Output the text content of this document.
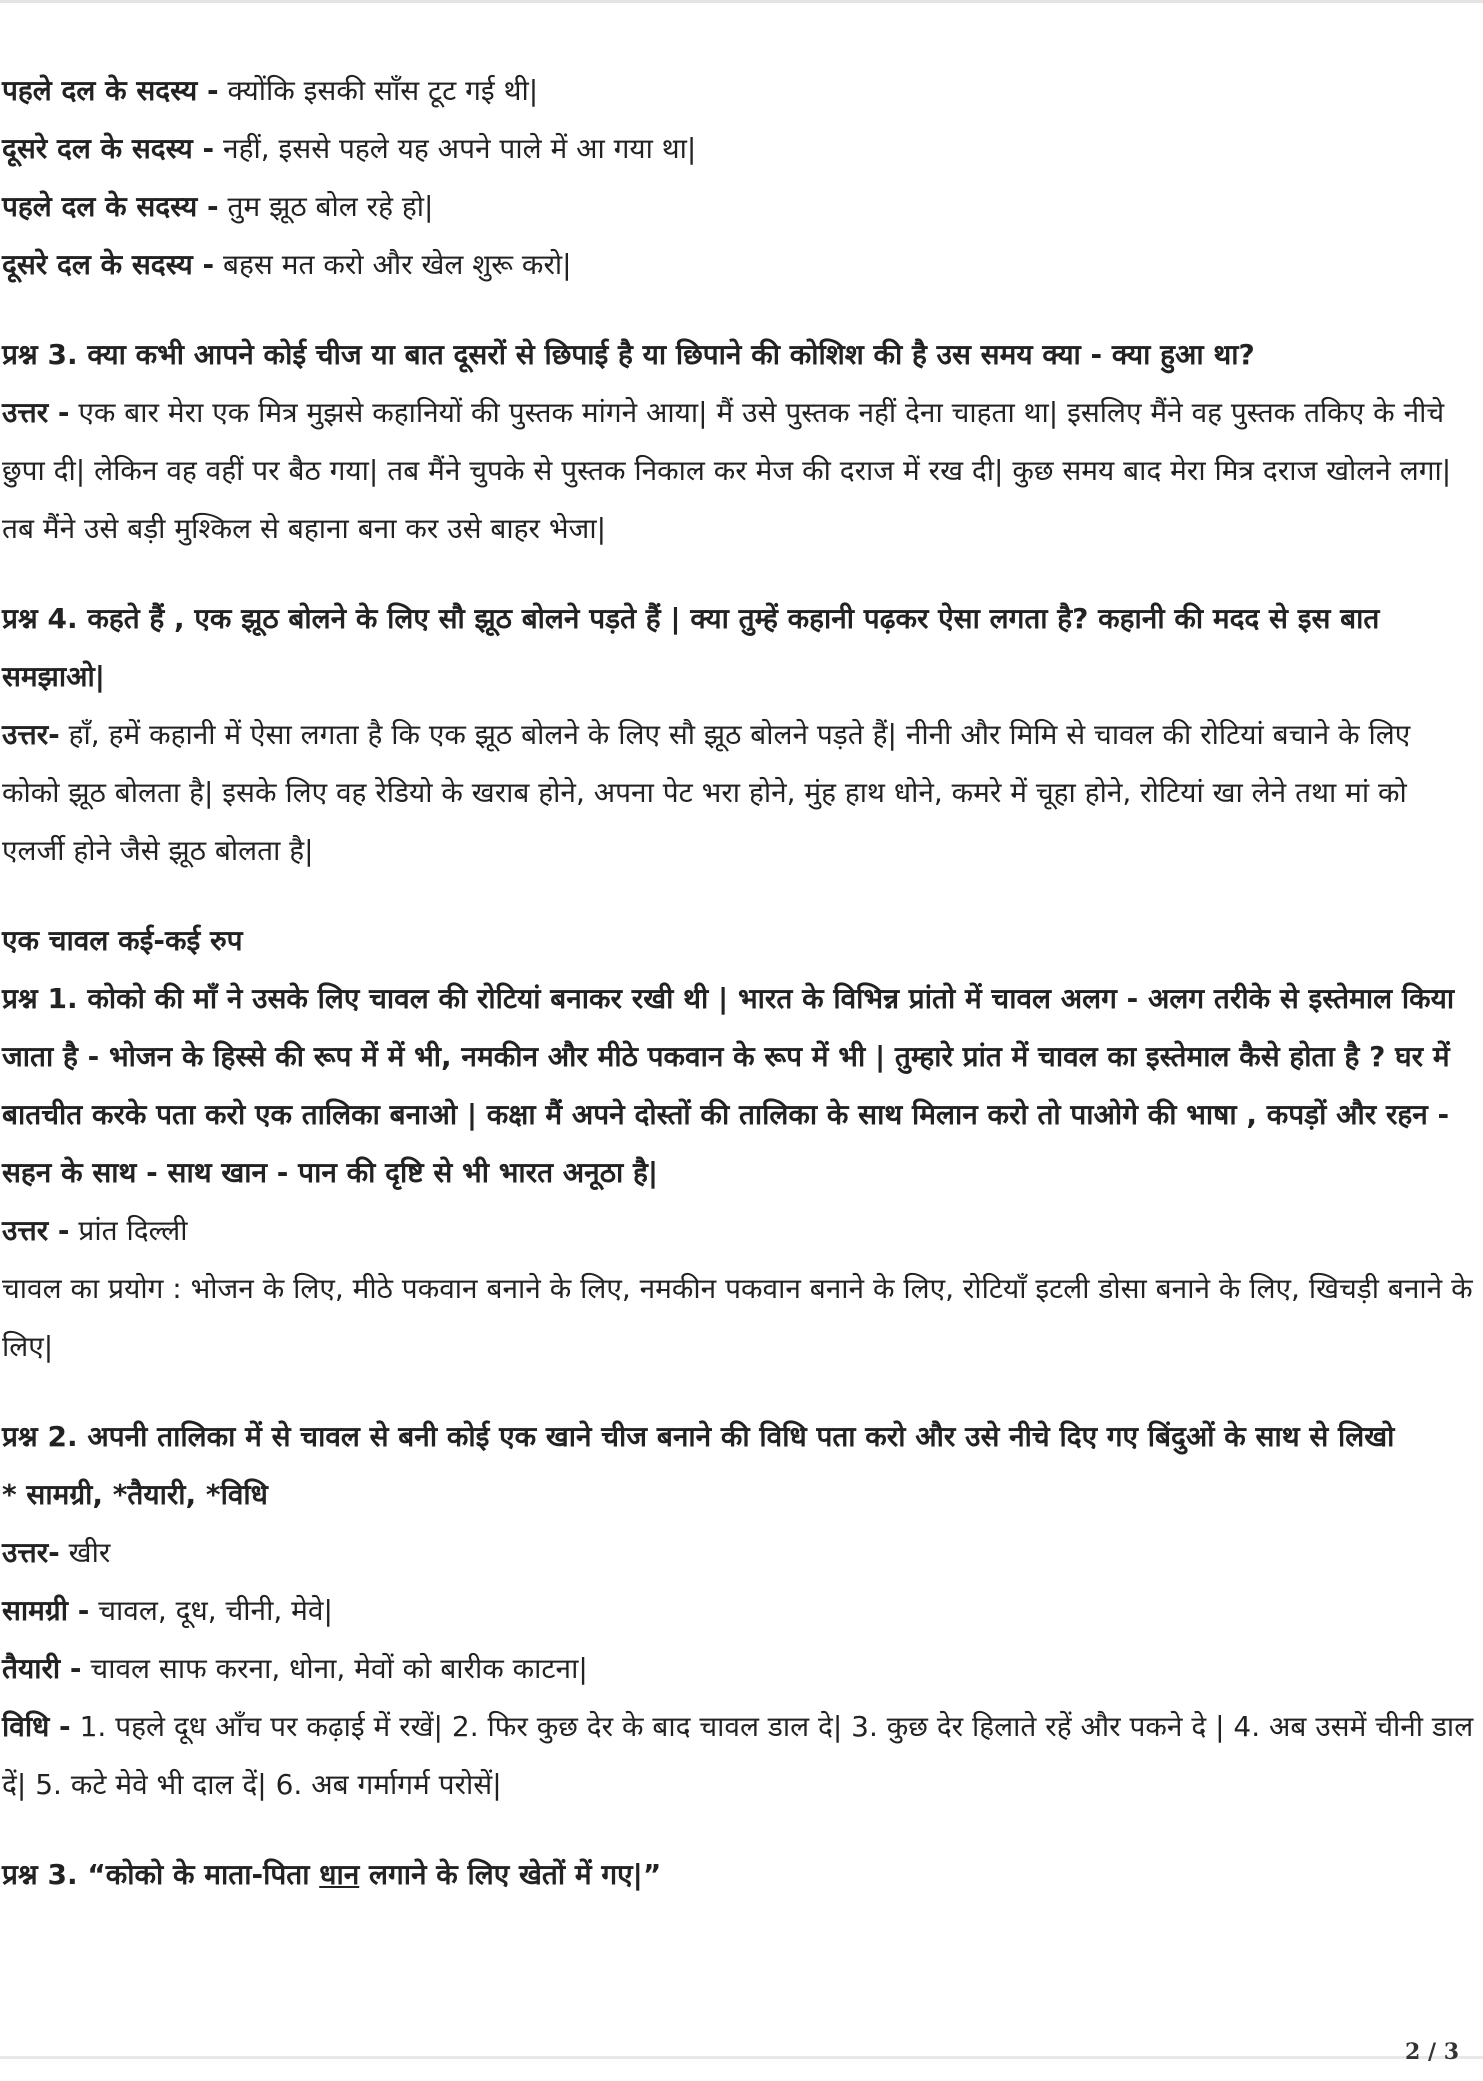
पहले दल के सदस्य - क्योंकि इसकी साँस टूट गई थी|

दूसरे दल के सदस्य - नहीं, इससे पहले यह अपने पाले में आ गया था|

पहले दल के सदस्य - तुम झूठ बोल रहे हो|

दूसरे दल के सदस्य - बहस मत करो और खेल शुरू करो|

प्रश्न 3. क्या कभी आपने कोई चीज या बात दूसरों से छिपाई है या छिपाने की कोशिश की है उस समय क्या - क्या हुआ था?

उत्तर - एक बार मेरा एक मित्र मुझसे कहानियों की पुस्तक मांगने आया| मैं उसे पुस्तक नहीं देना चाहता था| इसलिए मैंने वह पुस्तक तकिए के नीचे छुपा दी| लेकिन वह वहीं पर बैठ गया| तब मैंने चुपके से पुस्तक निकाल कर मेज की दराज में रख दी| कुछ समय बाद मेरा मित्र दराज खोलने लगा| तब मैंने उसे बड़ी मुश्किल से बहाना बना कर उसे बाहर भेजा|

प्रश्न 4. कहते हैं , एक झूठ बोलने के लिए सौ झूठ बोलने पड़ते हैं | क्या तुम्हें कहानी पढ़कर ऐसा लगता है? कहानी की मदद से इस बात समझाओ|

उत्तर- हाँ, हमें कहानी में ऐसा लगता है कि एक झूठ बोलने के लिए सौ झूठ बोलने पड़ते हैं| नीनी और मिमि से चावल की रोटियां बचाने के लिए कोको झूठ बोलता है| इसके लिए वह रेडियो के खराब होने, अपना पेट भरा होने, मुंह हाथ धोने, कमरे में चूहा होने, रोटियां खा लेने तथा मां को एलर्जी होने जैसे झूठ बोलता है|

एक चावल कई-कई रुप

प्रश्न 1. कोको की माँ ने उसके लिए चावल की रोटियां बनाकर रखी थी | भारत के विभिन्न प्रांतो में चावल अलग - अलग तरीके से इस्तेमाल किया जाता है - भोजन के हिस्से की रूप में में भी, नमकीन और मीठे पकवान के रूप में भी | तुम्हारे प्रांत में चावल का इस्तेमाल कैसे होता है ? घर में बातचीत करके पता करो एक तालिका बनाओ | कक्षा मैं अपने दोस्तों की तालिका के साथ मिलान करो तो पाओगे की भाषा , कपड़ों और रहन - सहन के साथ - साथ खान - पान की दृष्टि से भी भारत अनूठा है|

उत्तर - प्रांत दिल्ली

चावल का प्रयोग : भोजन के लिए, मीठे पकवान बनाने के लिए, नमकीन पकवान बनाने के लिए, रोटियाँ इटली डोसा बनाने के लिए, खिचड़ी बनाने के लिए|

प्रश्न 2. अपनी तालिका में से चावल से बनी कोई एक खाने चीज बनाने की विधि पता करो और उसे नीचे दिए गए बिंदुओं के साथ से लिखो

* सामग्री, *तैयारी, *विधि

उत्तर- खीर

सामग्री - चावल, दूध, चीनी, मेवे|

तैयारी - चावल साफ करना, धोना, मेवों को बारीक काटना|

विधि - 1. पहले दूध आँच पर कढ़ाई में रखें| 2. फिर कुछ देर के बाद चावल डाल दे| 3. कुछ देर हिलाते रहें और पकने दे | 4. अब उसमें चीनी डाल दें| 5. कटे मेवे भी दाल दें| 6. अब गर्मागर्म परोसें|

प्रश्न 3. “कोको के माता-पिता धान लगाने के लिए खेतों में गए|”

2 / 3
